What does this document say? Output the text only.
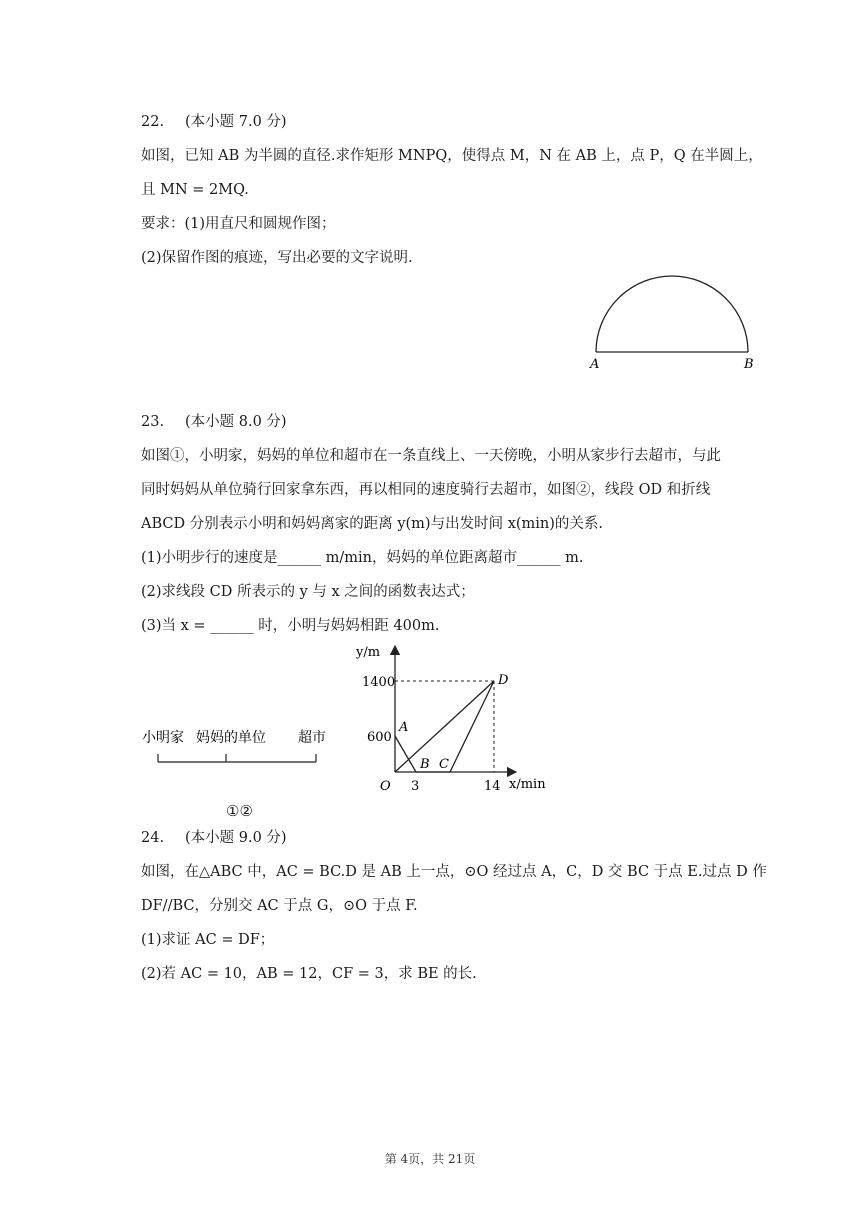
22. (本小题 7.0 分)
如图，已知 AB 为半圆的直径.求作矩形 MNPQ，使得点 M，N 在 AB 上，点 P，Q 在半圆上，
且 MN = 2MQ.
要求：(1)用直尺和圆规作图；
(2)保留作图的痕迹，写出必要的文字说明.
A	B
23. (本小题 8.0 分)
如图①，小明家，妈妈的单位和超市在一条直线上、一天傍晚，小明从家步行去超市，与此
同时妈妈从单位骑行回家拿东西，再以相同的速度骑行去超市，如图②，线段 OD 和折线
ABCD 分别表示小明和妈妈离家的距离 y(m)与出发时间 x(min)的关系.
(1)小明步行的速度是______ m/min，妈妈的单位距离超市______ m.
(2)求线段 CD 所表示的 y 与 x 之间的函数表达式；
(3)当 x = ______ 时，小明与妈妈相距 400m.
小明家 妈妈的单位 超市
y/m
x/min
1400
600
O 3	14
A
B C
D
①②
24. (本小题 9.0 分)
如图，在△ABC 中，AC = BC.D 是 AB 上一点，⊙O 经过点 A，C，D 交 BC 于点 E.过点 D 作
DF//BC，分别交 AC 于点 G，⊙O 于点 F.
(1)求证 AC = DF；
(2)若 AC = 10，AB = 12，CF = 3，求 BE 的长.
第 4页，共 21页
